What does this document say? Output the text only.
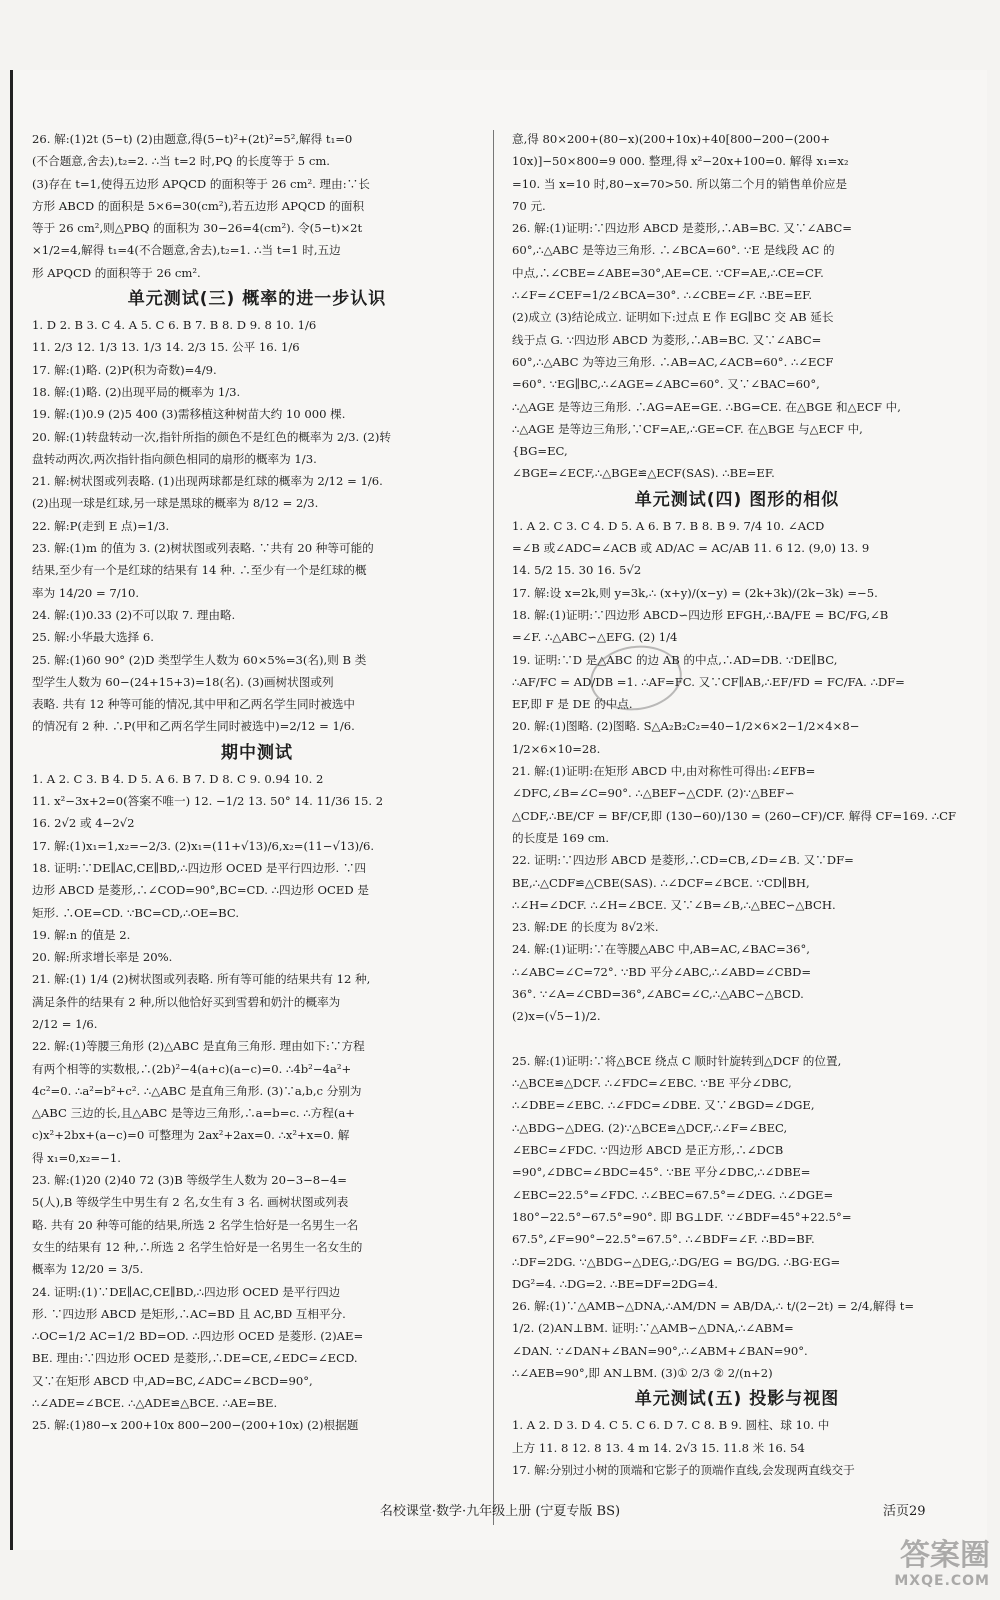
26. 解:(1)2t (5−t) (2)由题意,得(5−t)²+(2t)²=5²,解得 t₁=0
(不合题意,舍去),t₂=2. ∴当 t=2 时,PQ 的长度等于 5 cm.
(3)存在 t=1,使得五边形 APQCD 的面积等于 26 cm². 理由:∵长
方形 ABCD 的面积是 5×6=30(cm²),若五边形 APQCD 的面积
等于 26 cm²,则△PBQ 的面积为 30−26=4(cm²). 令(5−t)×2t
×1/2=4,解得 t₁=4(不合题意,舍去),t₂=1. ∴当 t=1 时,五边
形 APQCD 的面积等于 26 cm².
单元测试(三) 概率的进一步认识
1. D 2. B 3. C 4. A 5. C 6. B 7. B 8. D 9. 8 10. 1/6
11. 2/3 12. 1/3 13. 1/3 14. 2/3 15. 公平 16. 1/6
17. 解:(1)略. (2)P(积为奇数)=4/9.
18. 解:(1)略. (2)出现平局的概率为 1/3.
19. 解:(1)0.9 (2)5 400 (3)需移植这种树苗大约 10 000 棵.
20. 解:(1)转盘转动一次,指针所指的颜色不是红色的概率为 2/3. (2)转
盘转动两次,两次指针指向颜色相同的扇形的概率为 1/3.
21. 解:树状图或列表略. (1)出现两球都是红球的概率为 2/12 = 1/6.
(2)出现一球是红球,另一球是黑球的概率为 8/12 = 2/3.
22. 解:P(走到 E 点)=1/3.
23. 解:(1)m 的值为 3. (2)树状图或列表略. ∵共有 20 种等可能的
结果,至少有一个是红球的结果有 14 种. ∴至少有一个是红球的概
率为 14/20 = 7/10.
24. 解:(1)0.33 (2)不可以取 7. 理由略.
25. 解:小华最大选择 6.
25. 解:(1)60 90° (2)D 类型学生人数为 60×5%=3(名),则 B 类
型学生人数为 60−(24+15+3)=18(名). (3)画树状图或列
表略. 共有 12 种等可能的情况,其中甲和乙两名学生同时被选中
的情况有 2 种. ∴P(甲和乙两名学生同时被选中)=2/12 = 1/6.
期中测试
1. A 2. C 3. B 4. D 5. A 6. B 7. D 8. C 9. 0.94 10. 2
11. x²−3x+2=0(答案不唯一) 12. −1/2 13. 50° 14. 11/36 15. 2
16. 2√2 或 4−2√2
17. 解:(1)x₁=1,x₂=−2/3. (2)x₁=(11+√13)/6,x₂=(11−√13)/6.
18. 证明:∵DE∥AC,CE∥BD,∴四边形 OCED 是平行四边形. ∵四
边形 ABCD 是菱形,∴∠COD=90°,BC=CD. ∴四边形 OCED 是
矩形. ∴OE=CD. ∵BC=CD,∴OE=BC.
19. 解:n 的值是 2.
20. 解:所求增长率是 20%.
21. 解:(1) 1/4 (2)树状图或列表略. 所有等可能的结果共有 12 种,
满足条件的结果有 2 种,所以他恰好买到雪碧和奶汁的概率为
2/12 = 1/6.
22. 解:(1)等腰三角形 (2)△ABC 是直角三角形. 理由如下:∵方程
有两个相等的实数根,∴(2b)²−4(a+c)(a−c)=0. ∴4b²−4a²+
4c²=0. ∴a²=b²+c². ∴△ABC 是直角三角形. (3)∵a,b,c 分别为
△ABC 三边的长,且△ABC 是等边三角形,∴a=b=c. ∴方程(a+
c)x²+2bx+(a−c)=0 可整理为 2ax²+2ax=0. ∴x²+x=0. 解
得 x₁=0,x₂=−1.
23. 解:(1)20 (2)40 72 (3)B 等级学生人数为 20−3−8−4=
5(人),B 等级学生中男生有 2 名,女生有 3 名. 画树状图或列表
略. 共有 20 种等可能的结果,所选 2 名学生恰好是一名男生一名
女生的结果有 12 种,∴所选 2 名学生恰好是一名男生一名女生的
概率为 12/20 = 3/5.
24. 证明:(1)∵DE∥AC,CE∥BD,∴四边形 OCED 是平行四边
形. ∵四边形 ABCD 是矩形,∴AC=BD 且 AC,BD 互相平分.
∴OC=1/2 AC=1/2 BD=OD. ∴四边形 OCED 是菱形. (2)AE=
BE. 理由:∵四边形 OCED 是菱形,∴DE=CE,∠EDC=∠ECD.
又∵在矩形 ABCD 中,AD=BC,∠ADC=∠BCD=90°,
∴∠ADE=∠BCE. ∴△ADE≌△BCE. ∴AE=BE.
25. 解:(1)80−x 200+10x 800−200−(200+10x) (2)根据题
意,得 80×200+(80−x)(200+10x)+40[800−200−(200+
10x)]−50×800=9 000. 整理,得 x²−20x+100=0. 解得 x₁=x₂
=10. 当 x=10 时,80−x=70>50. 所以第二个月的销售单价应是
70 元.
26. 解:(1)证明:∵四边形 ABCD 是菱形,∴AB=BC. 又∵∠ABC=
60°,∴△ABC 是等边三角形. ∴∠BCA=60°. ∵E 是线段 AC 的
中点,∴∠CBE=∠ABE=30°,AE=CE. ∵CF=AE,∴CE=CF.
∴∠F=∠CEF=1/2∠BCA=30°. ∴∠CBE=∠F. ∴BE=EF.
(2)成立 (3)结论成立. 证明如下:过点 E 作 EG∥BC 交 AB 延长
线于点 G. ∵四边形 ABCD 为菱形,∴AB=BC. 又∵∠ABC=
60°,∴△ABC 为等边三角形. ∴AB=AC,∠ACB=60°. ∴∠ECF
=60°. ∵EG∥BC,∴∠AGE=∠ABC=60°. 又∵∠BAC=60°,
∴△AGE 是等边三角形. ∴AG=AE=GE. ∴BG=CE. 在△BGE 和△ECF 中,
∴△AGE 是等边三角形,∵CF=AE,∴GE=CF. 在△BGE 与△ECF 中,
{BG=EC,
∠BGE=∠ECF,∴△BGE≌△ECF(SAS). ∴BE=EF.
单元测试(四) 图形的相似
1. A 2. C 3. C 4. D 5. A 6. B 7. B 8. B 9. 7/4 10. ∠ACD
=∠B 或∠ADC=∠ACB 或 AD/AC = AC/AB 11. 6 12. (9,0) 13. 9
14. 5/2 15. 30 16. 5√2
17. 解:设 x=2k,则 y=3k,∴ (x+y)/(x−y) = (2k+3k)/(2k−3k) =−5.
18. 解:(1)证明:∵四边形 ABCD∽四边形 EFGH,∴BA/FE = BC/FG,∠B
=∠F. ∴△ABC∽△EFG. (2) 1/4
19. 证明:∵D 是△ABC 的边 AB 的中点,∴AD=DB. ∵DE∥BC,
∴AF/FC = AD/DB =1. ∴AF=FC. 又∵CF∥AB,∴EF/FD = FC/FA. ∴DF=
EF,即 F 是 DE 的中点.
20. 解:(1)图略. (2)图略. S△A₂B₂C₂=40−1/2×6×2−1/2×4×8−
1/2×6×10=28.
21. 解:(1)证明:在矩形 ABCD 中,由对称性可得出:∠EFB=
∠DFC,∠B=∠C=90°. ∴△BEF∽△CDF. (2)∵△BEF∽
△CDF,∴BE/CF = BF/CF,即 (130−60)/130 = (260−CF)/CF. 解得 CF=169. ∴CF
的长度是 169 cm.
22. 证明:∵四边形 ABCD 是菱形,∴CD=CB,∠D=∠B. 又∵DF=
BE,∴△CDF≌△CBE(SAS). ∴∠DCF=∠BCE. ∵CD∥BH,
∴∠H=∠DCF. ∴∠H=∠BCE. 又∵∠B=∠B,∴△BEC∽△BCH.
23. 解:DE 的长度为 8√2米.
24. 解:(1)证明:∵在等腰△ABC 中,AB=AC,∠BAC=36°,
∴∠ABC=∠C=72°. ∵BD 平分∠ABC,∴∠ABD=∠CBD=
36°. ∵∠A=∠CBD=36°,∠ABC=∠C,∴△ABC∽△BCD.
(2)x=(√5−1)/2.

25. 解:(1)证明:∵将△BCE 绕点 C 顺时针旋转到△DCF 的位置,
∴△BCE≌△DCF. ∴∠FDC=∠EBC. ∵BE 平分∠DBC,
∴∠DBE=∠EBC. ∴∠FDC=∠DBE. 又∵∠BGD=∠DGE,
∴△BDG∽△DEG. (2)∵△BCE≌△DCF,∴∠F=∠BEC,
∠EBC=∠FDC. ∵四边形 ABCD 是正方形,∴∠DCB
=90°,∠DBC=∠BDC=45°. ∵BE 平分∠DBC,∴∠DBE=
∠EBC=22.5°=∠FDC. ∴∠BEC=67.5°=∠DEG. ∴∠DGE=
180°−22.5°−67.5°=90°. 即 BG⊥DF. ∵∠BDF=45°+22.5°=
67.5°,∠F=90°−22.5°=67.5°. ∴∠BDF=∠F. ∴BD=BF.
∴DF=2DG. ∵△BDG∽△DEG,∴DG/EG = BG/DG. ∴BG·EG=
DG²=4. ∴DG=2. ∴BE=DF=2DG=4.
26. 解:(1)∵△AMB∽△DNA,∴AM/DN = AB/DA,∴ t/(2−2t) = 2/4,解得 t=
1/2. (2)AN⊥BM. 证明:∵△AMB∽△DNA,∴∠ABM=
∠DAN. ∵∠DAN+∠BAN=90°,∴∠ABM+∠BAN=90°.
∴∠AEB=90°,即 AN⊥BM. (3)① 2/3 ② 2/(n+2)
单元测试(五) 投影与视图
1. A 2. D 3. D 4. C 5. C 6. D 7. C 8. B 9. 圆柱、球 10. 中
上方 11. 8 12. 8 13. 4 m 14. 2√3 15. 11.8 米 16. 54
17. 解:分别过小树的顶端和它影子的顶端作直线,会发现两直线交于
名校课堂·数学·九年级上册 (宁夏专版 BS)	活页29
答案圈
MXQE.COM
